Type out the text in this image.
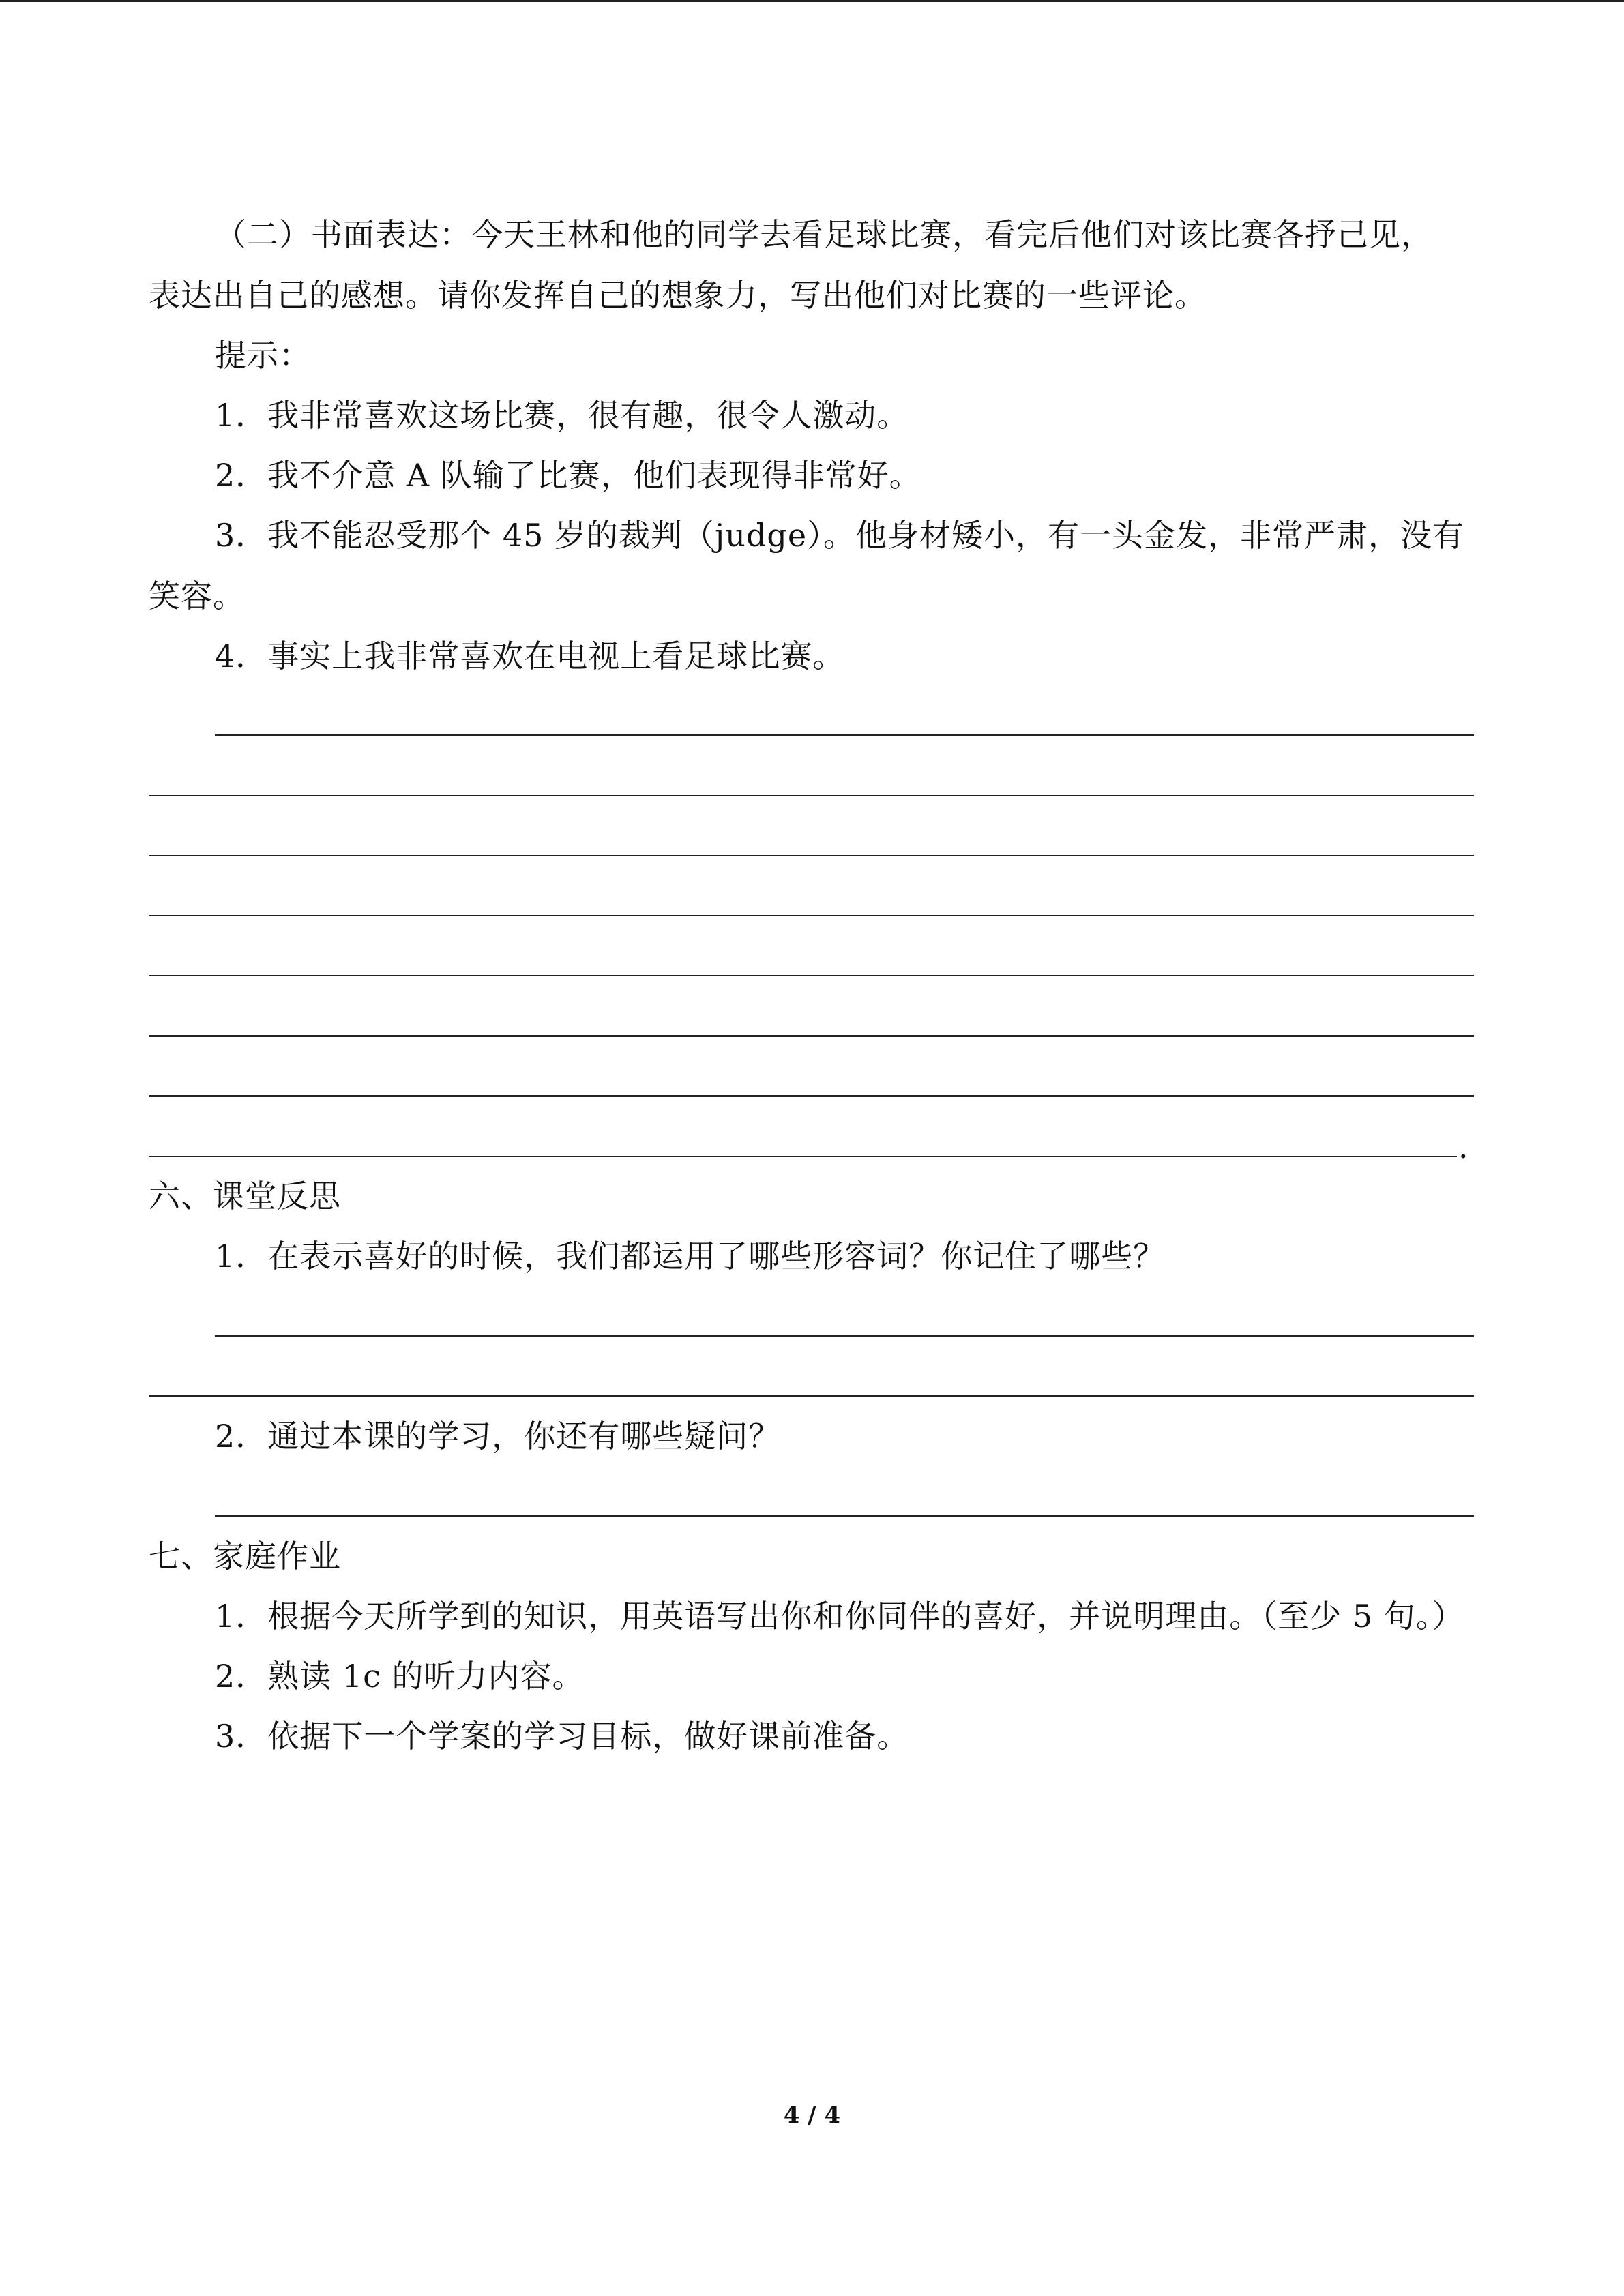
（二）书面表达：今天王林和他的同学去看足球比赛，看完后他们对该比赛各抒己见，
表达出自己的感想。请你发挥自己的想象力，写出他们对比赛的一些评论。
提示：
1．我非常喜欢这场比赛，很有趣，很令人激动。
2．我不介意 A 队输了比赛，他们表现得非常好。
3．我不能忍受那个 45 岁的裁判（judge）。他身材矮小，有一头金发，非常严肃，没有
笑容。
4．事实上我非常喜欢在电视上看足球比赛。
.
六、课堂反思
1．在表示喜好的时候，我们都运用了哪些形容词？你记住了哪些？
2．通过本课的学习，你还有哪些疑问？
七、家庭作业
1．根据今天所学到的知识，用英语写出你和你同伴的喜好，并说明理由。（至少 5 句。）
2．熟读 1c 的听力内容。
3．依据下一个学案的学习目标，做好课前准备。
4 / 4
